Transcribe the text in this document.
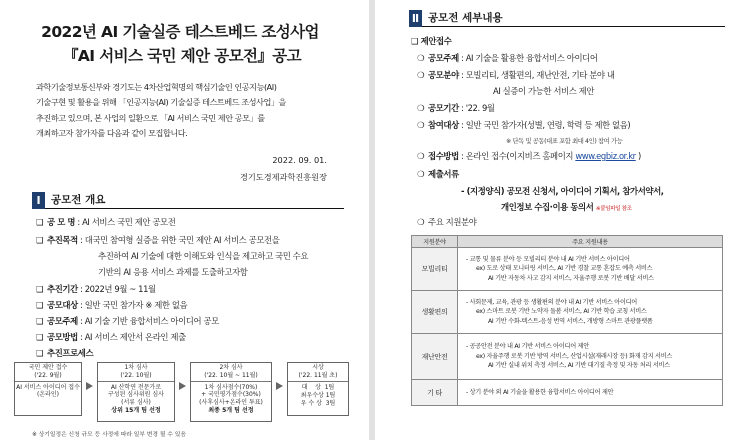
2022년 AI 기술실증 테스트베드 조성사업
『AI 서비스 국민 제안 공모전』공고
과학기술정보통신부와 경기도는 4차산업혁명의 핵심기술인 인공지능(AI)
기술구현 및 활용을 위해 「인공지능(AI) 기술실증 테스트베드 조성사업」을
추진하고 있으며, 본 사업의 일환으로 「AI 서비스 국민 제안 공모」를
개최하고자 참가자를 다음과 같이 모집합니다.
2022. 09. 01.
경기도경제과학진흥원장
Ⅰ 공모전 개요
❑ 공 모 명 : AI 서비스 국민 제안 공모전
❑ 추진목적 : 대국민 참여형 실증을 위한 국민 제안 AI 서비스 공모전을
추진하여 AI 기술에 대한 이해도와 인식을 제고하고 국민 수요
기반의 AI 응용 서비스 과제를 도출하고자함
❑ 추진기간 : 2022년 9월 ~ 11월
❑ 공모대상 : 일반 국민 참가자 ※ 제한 없음
❑ 공모주제 : AI 기술 기반 융합서비스 아이디어 공모
❑ 공모방법 : AI 서비스 제안서 온라인 제출
❑ 추진프로세스
국민 제안 접수
('22. 9월)
AI 서비스 아이디어 접수
(온라인)
1차 심사
('22. 10월)
AI 산학연 전문가로
구성된 심사위원 심사
(서류 심사)
상위 15개 팀 선정
2차 심사
('22. 10월 ~ 11월)
1차 심사점수(70%)
+ 국민평가점수(30%)
(사후심사+온라인 투표)
최종 5개 팀 선정
시상
('22. 11월 초)
대    상  1팀
최우수상 1팀
우 수 상  3팀
※ 상기일정은 신청 규모 등 사정에 따라 일부 변경 될 수 있음
Ⅱ 공모전 세부내용
❑ 제안접수
❍ 공모주제 : AI 기술을 활용한 융합서비스 아이디어
❍ 공모분야 : 모빌리티, 생활편의, 재난안전, 기타 분야 내
AI 실증이 가능한 서비스 제안
❍ 공모기간 : '22. 9월
❍ 참여대상 : 일반 국민 참가자(성별, 연령, 학력 등 제한 없음)
※ 단독 및 공동(대표 포함 최대 4인) 참여 가능
❍ 접수방법 : 온라인 접수(이지비즈 홈페이지 www.egbiz.or.kr )
❍ 제출서류
- (지정양식) 공모전 신청서, 아이디어 기획서, 참가서약서,
개인정보 수집·이용 동의서 ※붙임파일 참조
❍ 주요 지원분야
지원분야	주요 지원내용
모빌리티	- 교통 및 물류 분야 등 모빌리티 분야 내 AI 기반 서비스 아이디어
ex) 도로 상태 모니터링 서비스, AI 기반 경찰 교통 혼잡도 예측 서비스
AI 기반 자동차 사고 감지 서비스, 자율주행 로봇 기반 배달 서비스

생활편의	- 사회문제, 교육, 관광 등 생활편의 분야 내 AI 기반 서비스 아이디어
ex) 스마트 로봇 기반 노약자 돌봄 서비스, AI 기반 학습 코칭 서비스
AI 기반 수화-텍스트-음성 번역 서비스, 개방형 스마트 관광플랫폼

재난안전	- 공공안전 분야 내 AI 기반 서비스 아이디어 제안
ex) 자율주행 로봇 기반 방역 서비스, 산업시설(재래시장 등) 화재 감지 서비스
AI 기반 실내 위치 측정 서비스, AI 기반 대기질 측정 및 자동 처리 서비스

기 타	- 상기 분야 외 AI 기술을 활용한 융합서비스 아이디어 제안
